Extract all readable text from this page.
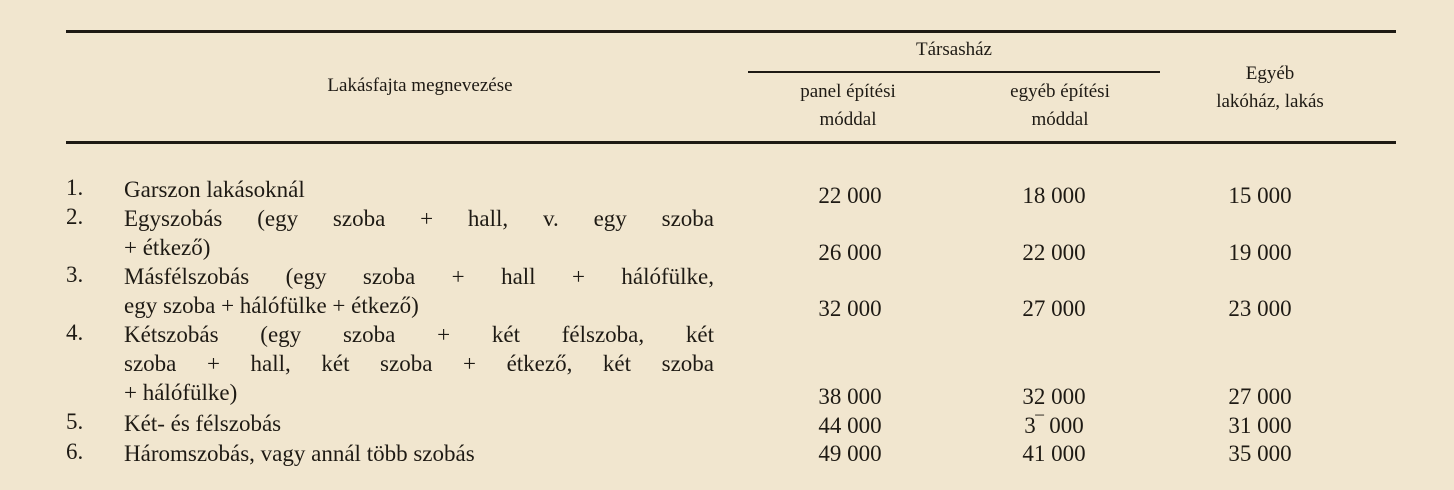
Lakásfajta megnevezése
Társasház
panel építési
móddal
egyéb építési
móddal
Egyéb
lakóház, lakás
1.	Garszon lakásoknál	22 000	18 000	15 000
2.	Egyszobás (egy szoba + hall, v. egy szoba
+ étkező)	26 000	22 000	19 000
3.	Másfélszobás (egy szoba + hall + hálófülke,
egy szoba + hálófülke + étkező)	32 000	27 000	23 000
4.	Kétszobás (egy szoba + két félszoba, két
szoba + hall, két szoba + étkező, két szoba
+ hálófülke)	38 000	32 000	27 000
5.	Két- és félszobás	44 000	3‾ 000	31 000
6.	Háromszobás, vagy annál több szobás	49 000	41 000	35 000
